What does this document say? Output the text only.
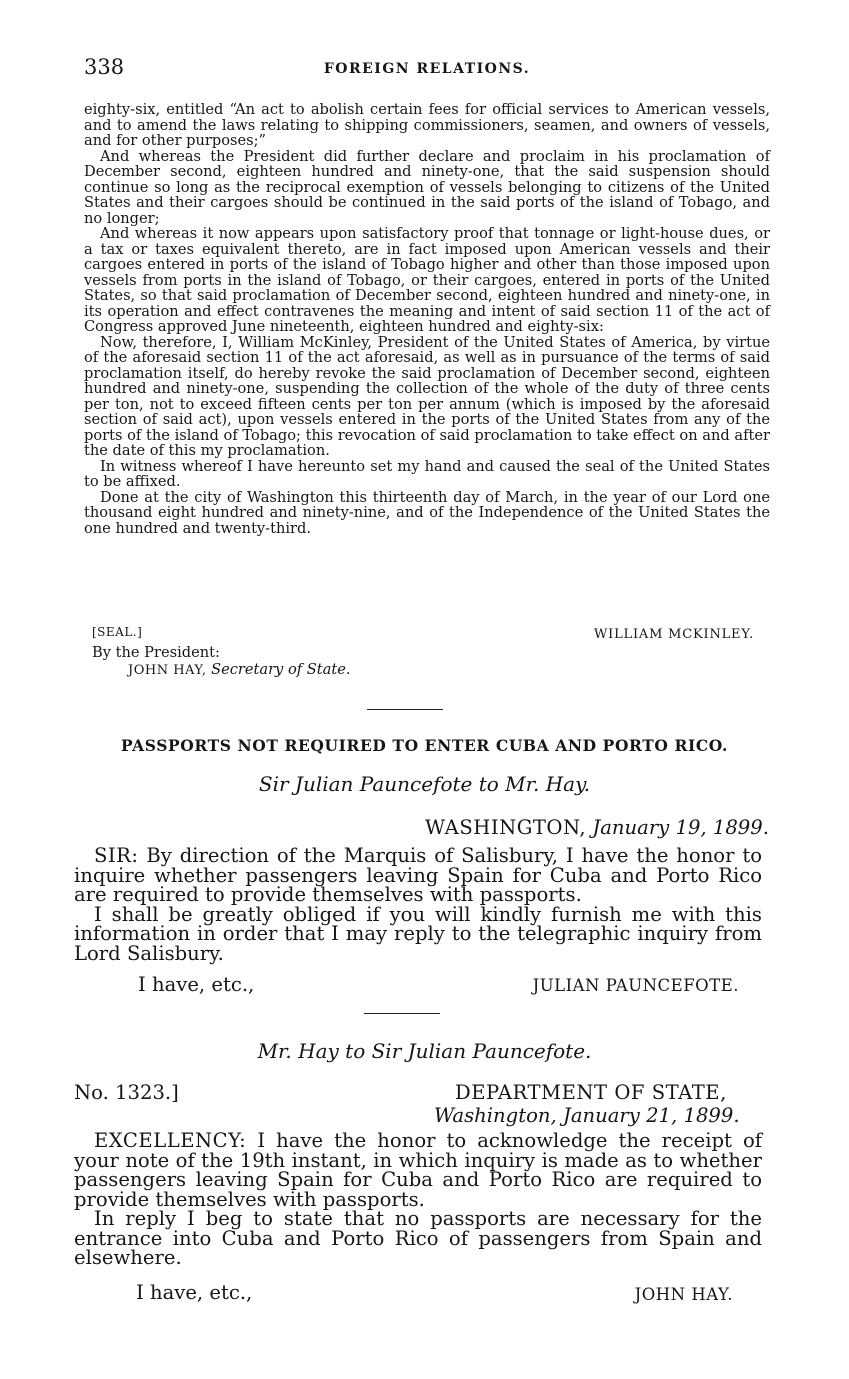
338	FOREIGN RELATIONS.

eighty-six, entitled “An act to abolish certain fees for official services to American vessels, and to amend the laws relating to shipping commissioners, seamen, and owners of vessels, and for other purposes;”

And whereas the President did further declare and proclaim in his proclamation of December second, eighteen hundred and ninety-one, that the said suspension should continue so long as the reciprocal exemption of vessels belonging to citizens of the United States and their cargoes should be continued in the said ports of the island of Tobago, and no longer;

And whereas it now appears upon satisfactory proof that tonnage or light-house dues, or a tax or taxes equivalent thereto, are in fact imposed upon American vessels and their cargoes entered in ports of the island of Tobago higher and other than those imposed upon vessels from ports in the island of Tobago, or their cargoes, entered in ports of the United States, so that said proclamation of December second, eighteen hundred and ninety-one, in its operation and effect contravenes the meaning and intent of said section 11 of the act of Congress approved June nineteenth, eighteen hundred and eighty-six:

Now, therefore, I, William McKinley, President of the United States of America, by virtue of the aforesaid section 11 of the act aforesaid, as well as in pursuance of the terms of said proclamation itself, do hereby revoke the said proclamation of December second, eighteen hundred and ninety-one, suspending the collection of the whole of the duty of three cents per ton, not to exceed fifteen cents per ton per annum (which is imposed by the aforesaid section of said act), upon vessels entered in the ports of the United States from any of the ports of the island of Tobago; this revocation of said proclamation to take effect on and after the date of this my proclamation.

In witness whereof I have hereunto set my hand and caused the seal of the United States to be affixed.

Done at the city of Washington this thirteenth day of March, in the year of our Lord one thousand eight hundred and ninety-nine, and of the Independence of the United States the one hundred and twenty-third.

[SEAL.]	WILLIAM MCKINLEY.
By the President:
JOHN HAY, Secretary of State.
PASSPORTS NOT REQUIRED TO ENTER CUBA AND PORTO RICO.
Sir Julian Pauncefote to Mr. Hay.
WASHINGTON, January 19, 1899.

SIR: By direction of the Marquis of Salisbury, I have the honor to inquire whether passengers leaving Spain for Cuba and Porto Rico are required to provide themselves with passports.

I shall be greatly obliged if you will kindly furnish me with this information in order that I may reply to the telegraphic inquiry from Lord Salisbury.

I have, etc.,	JULIAN PAUNCEFOTE.
Mr. Hay to Sir Julian Pauncefote.
No. 1323.]	DEPARTMENT OF STATE,
Washington, January 21, 1899.

EXCELLENCY: I have the honor to acknowledge the receipt of your note of the 19th instant, in which inquiry is made as to whether passengers leaving Spain for Cuba and Porto Rico are required to provide themselves with passports.

In reply I beg to state that no passports are necessary for the entrance into Cuba and Porto Rico of passengers from Spain and elsewhere.

I have, etc.,	JOHN HAY.
